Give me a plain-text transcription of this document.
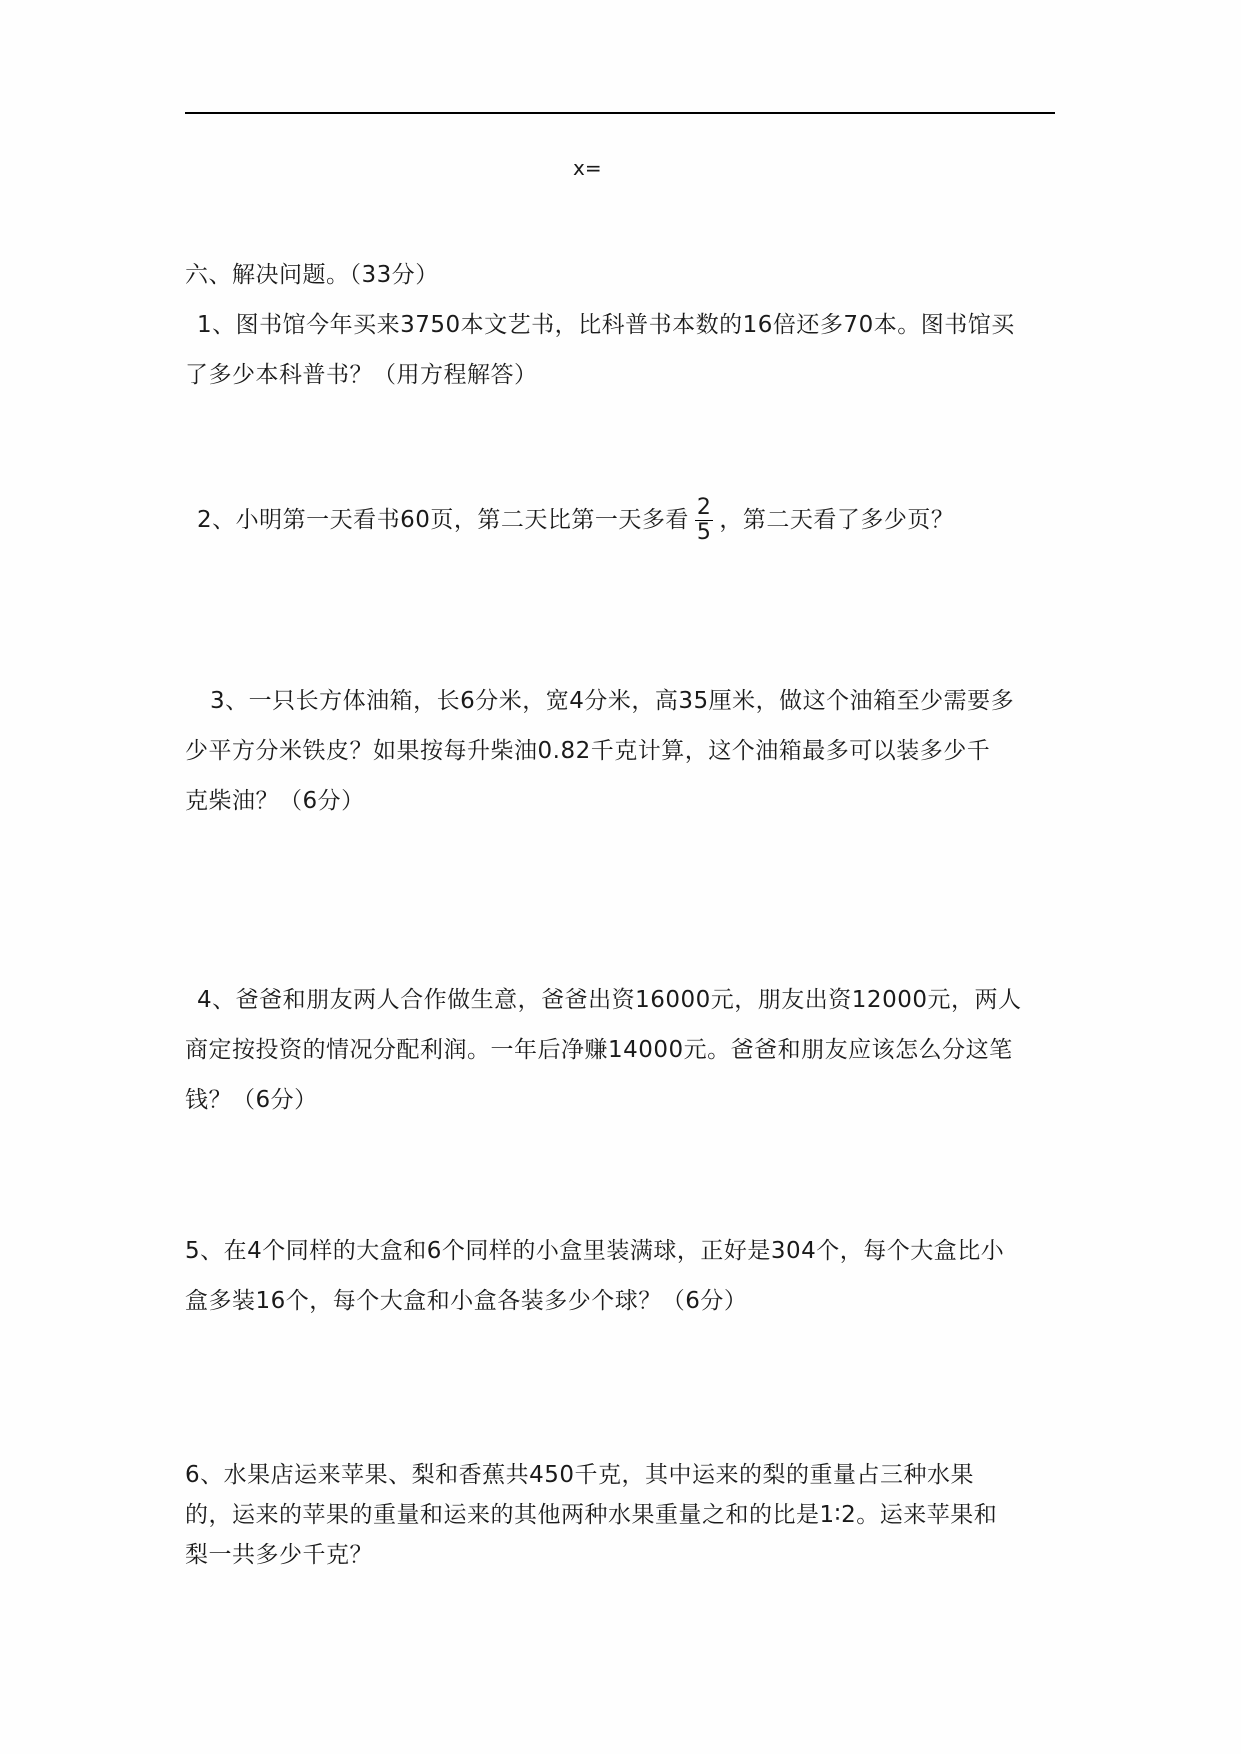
x=
六、解决问题。（33分）
1、图书馆今年买来3750本文艺书，比科普书本数的16倍还多70本。图书馆买
了多少本科普书？（用方程解答）
2、小明第一天看书60页，第二天比第一天多看 $\frac{2}{5}$ ，第二天看了多少页？
3、一只长方体油箱，长6分米，宽4分米，高35厘米，做这个油箱至少需要多
少平方分米铁皮？如果按每升柴油0.82千克计算，这个油箱最多可以装多少千
克柴油？（6分）
4、爸爸和朋友两人合作做生意，爸爸出资16000元，朋友出资12000元，两人
商定按投资的情况分配利润。一年后净赚14000元。爸爸和朋友应该怎么分这笔
钱？（6分）
5、在4个同样的大盒和6个同样的小盒里装满球，正好是304个，每个大盒比小
盒多装16个，每个大盒和小盒各装多少个球？（6分）
6、水果店运来苹果、梨和香蕉共450千克，其中运来的梨的重量占三种水果
的，运来的苹果的重量和运来的其他两种水果重量之和的比是1∶2。运来苹果和
梨一共多少千克？
